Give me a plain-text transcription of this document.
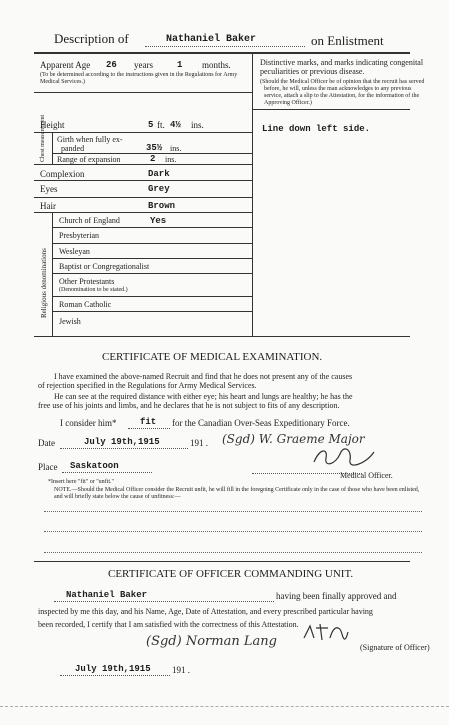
Description of	Nathaniel Baker	on Enlistment
Apparent Age 26 years	1 months.
(To be determined according to the instructions given in the Regulations for Army Medical Services.)
Height	5 ft. 4½ ins.
Chest measurement Girth when fully ex-
panded	35½ ins.
Range of expansion	2 ins.
Complexion	Dark
Eyes	Grey
Hair	Brown
Religious denominations
Church of England	Yes
Presbyterian
Wesleyan
Baptist or Congregationalist
Other Protestants
(Denomination to be stated.)
Roman Catholic
Jewish
Distinctive marks, and marks indicating congenital
peculiarities or previous disease.
(Should the Medical Officer be of opinion that the recruit has served
before, he will, unless the man acknowledges to any previous
service, attach a slip to the Attestation, for the information of the
Approving Officer.)
Line down left side.
CERTIFICATE OF MEDICAL EXAMINATION.
I have examined the above-named Recruit and find that he does not present any of the causes
of rejection specified in the Regulations for Army Medical Services.
He can see at the required distance with either eye; his heart and lungs are healthy; he has the
free use of his joints and limbs, and he declares that he is not subject to fits of any description.
I consider him*	fit for the Canadian Over-Seas Expeditionary Force.
Date	July 19th,1915	191 . (Sgd) W. Graeme Major
Place Saskatoon
Medical Officer.
*Insert here "fit" or "unfit."
NOTE.—Should the Medical Officer consider the Recruit unfit, he will fill in the foregoing Certificate only in the case of those who have been enlisted, and will briefly state below the cause of unfitness:—
CERTIFICATE OF OFFICER COMMANDING UNIT.
Nathaniel Baker	having been finally approved and
inspected by me this day, and his Name, Age, Date of Attestation, and every prescribed particular having
been recorded, I certify that I am satisfied with the correctness of this Attestation.
(Sgd) Norman Lang	(Signature of Officer)
July 19th,1915 191 .
